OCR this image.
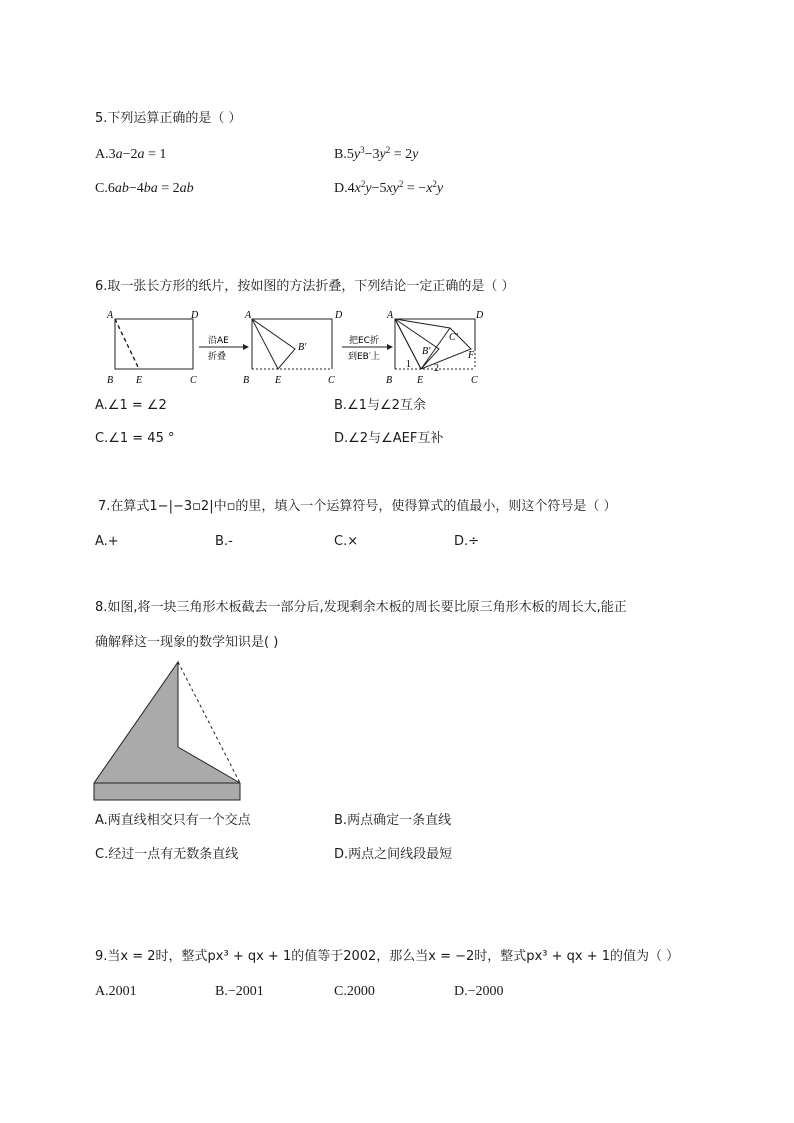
5.下列运算正确的是（ ）
A.3a−2a = 1	$B.5y^3-3y^2 = 2y$
C.6ab−4ba = 2ab	$D.4x^2y-5xy^2 = -x^2y$
6.取一张长方形的纸片，按如图的方法折叠，下列结论一定正确的是（ ）
A	D
B E	C
沿AE
折叠
A	D
B	E	C
B′
把EC折
到EB′上
A	D
B E	C
B′
C′
F
1 2
A.∠1 = ∠2	B.∠1与∠2互余
C.∠1 = 45 °	D.∠2与∠AEF互补
7.在算式1−|−3▫2|中▫的里，填入一个运算符号，使得算式的值最小，则这个符号是（ ）
A.+	B.-	C.×	D.÷
8.如图,将一块三角形木板截去一部分后,发现剩余木板的周长要比原三角形木板的周长大,能正
确解释这一现象的数学知识是( )
A.两直线相交只有一个交点	B.两点确定一条直线
C.经过一点有无数条直线	D.两点之间线段最短
9.当x = 2时，整式px³ + qx + 1的值等于2002，那么当x = −2时，整式px³ + qx + 1的值为（ ）
A.2001	B.−2001	C.2000	D.−2000
